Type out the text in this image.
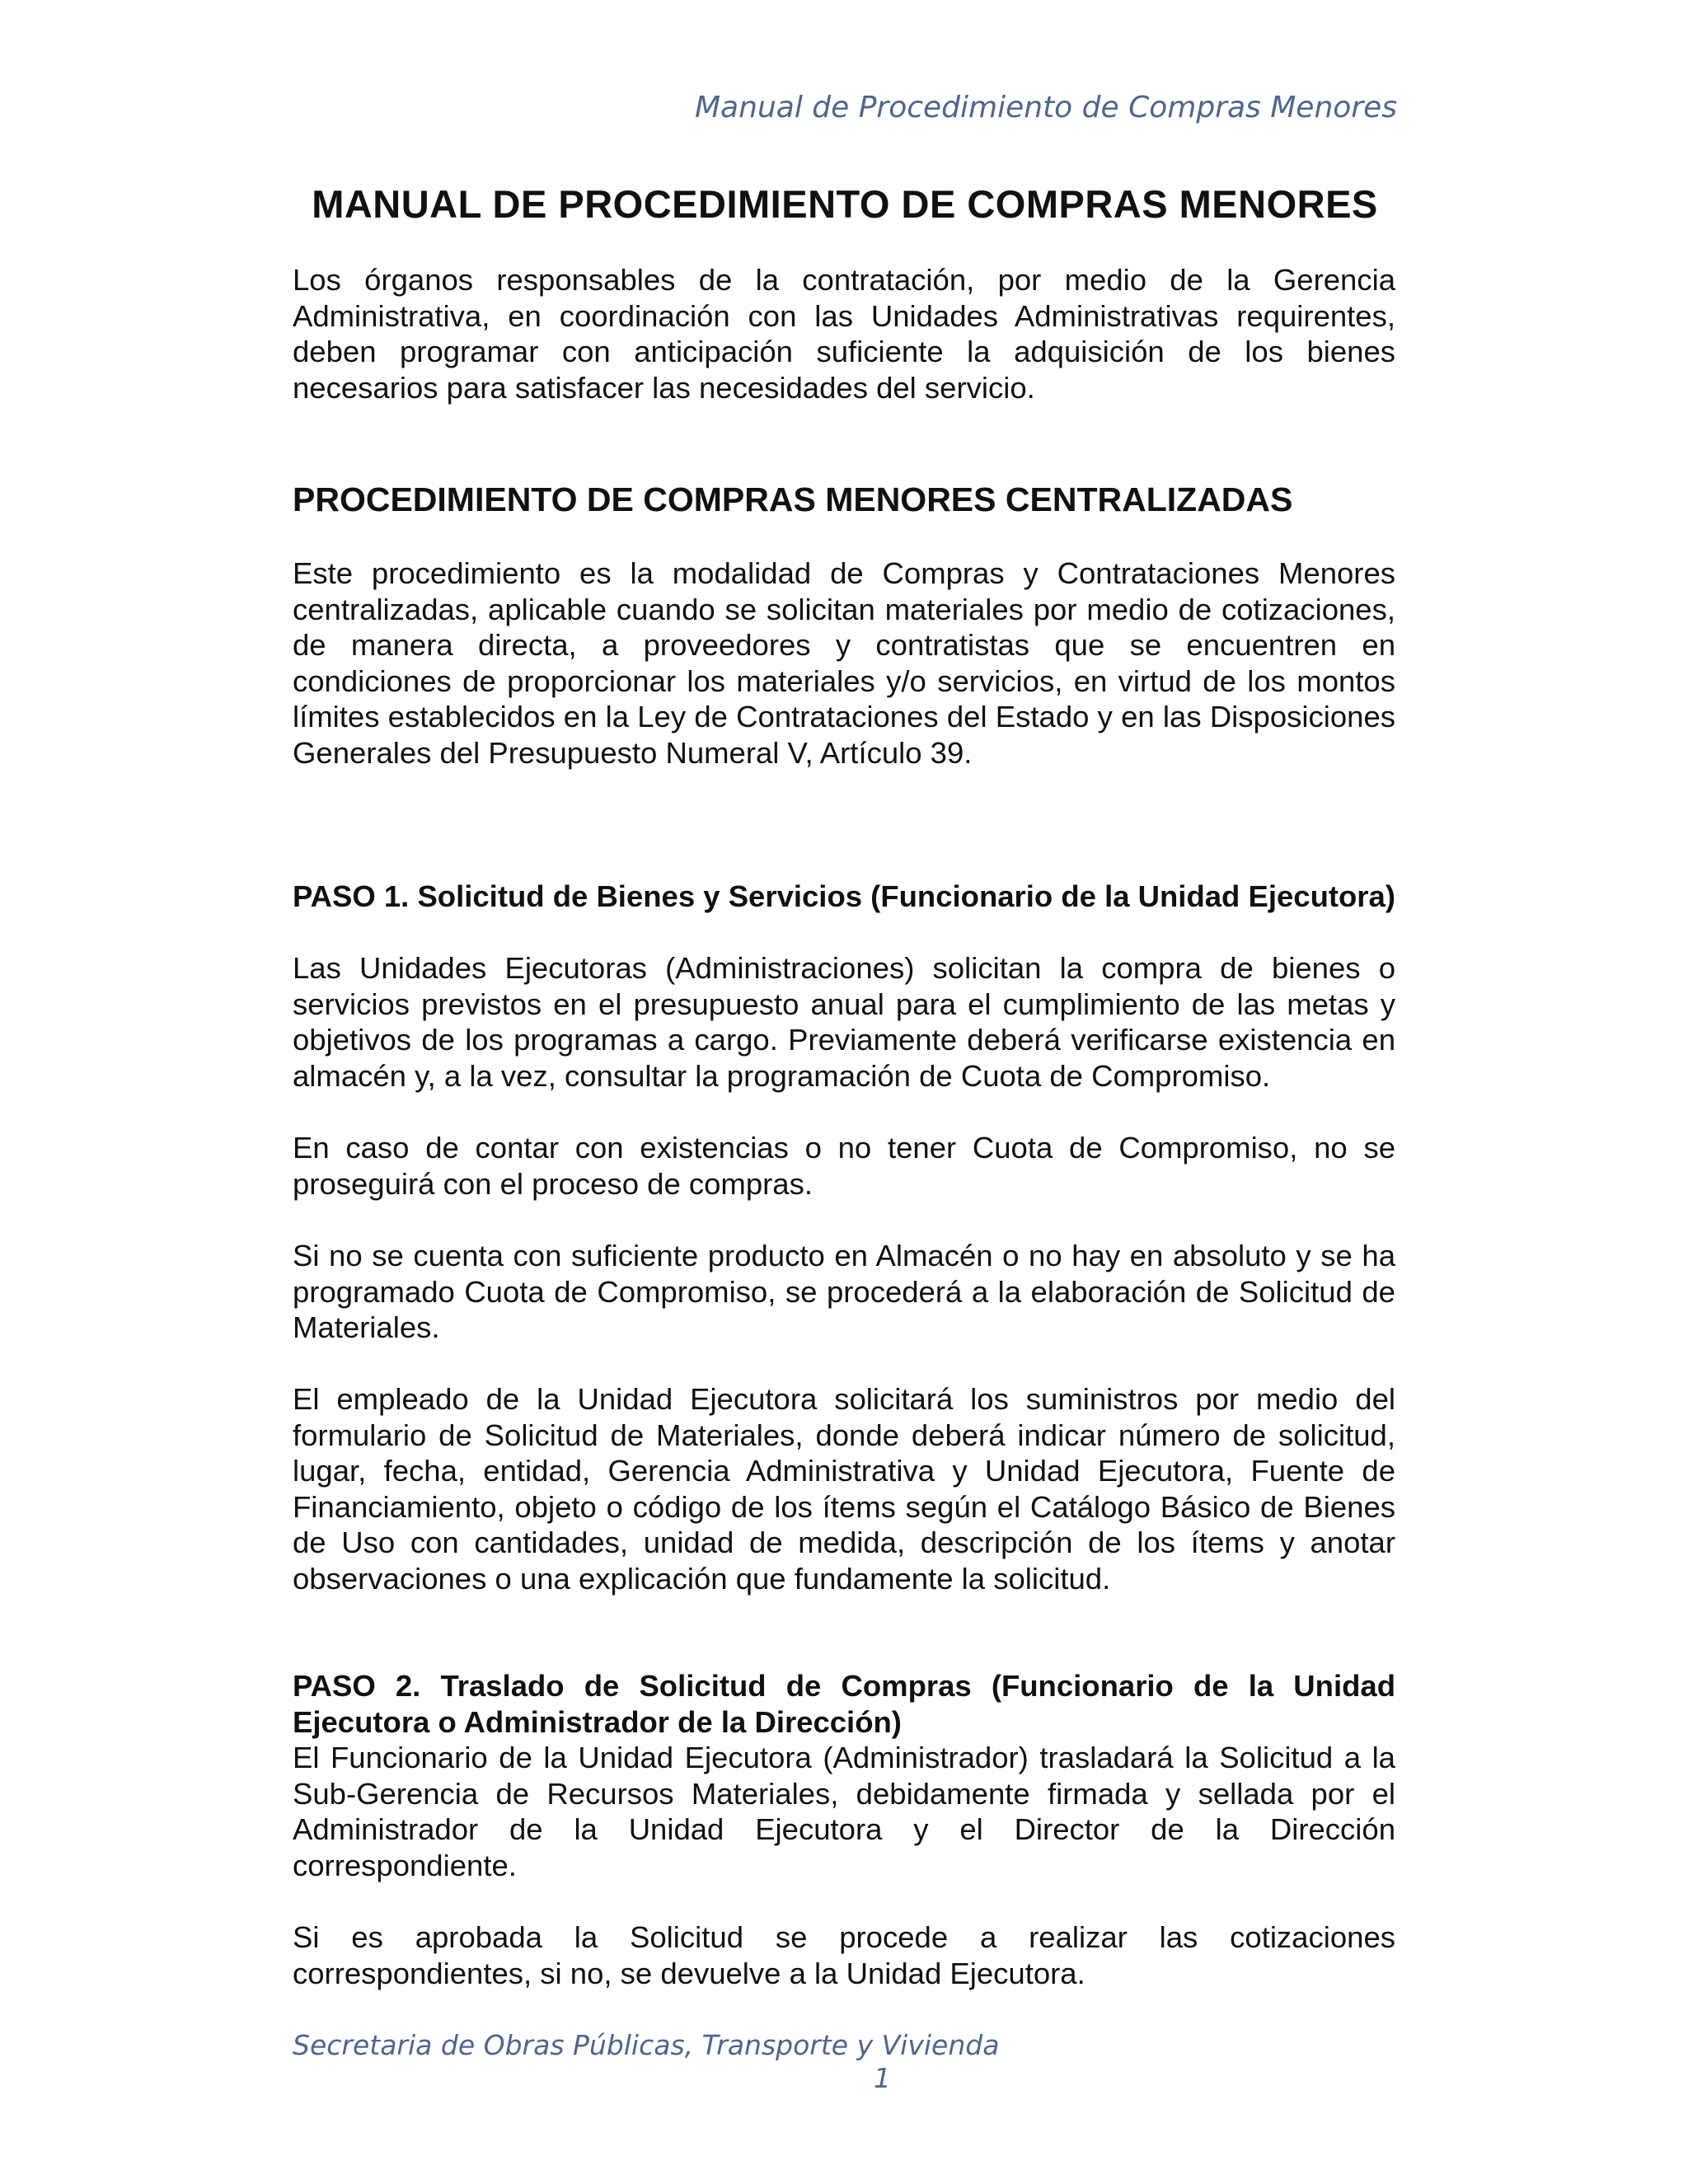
Manual de Procedimiento de Compras Menores
MANUAL DE PROCEDIMIENTO DE COMPRAS MENORES

Los órganos responsables de la contratación, por medio de la Gerencia Administrativa, en coordinación con las Unidades Administrativas requirentes, deben programar con anticipación suficiente la adquisición de los bienes necesarios para satisfacer las necesidades del servicio.

PROCEDIMIENTO DE COMPRAS MENORES CENTRALIZADAS

Este procedimiento es la modalidad de Compras y Contrataciones Menores centralizadas, aplicable cuando se solicitan materiales por medio de cotizaciones, de manera directa, a proveedores y contratistas que se encuentren en condiciones de proporcionar los materiales y/o servicios, en virtud de los montos límites establecidos en la Ley de Contrataciones del Estado y en las Disposiciones Generales del Presupuesto Numeral V, Artículo 39.

PASO 1. Solicitud de Bienes y Servicios (Funcionario de la Unidad Ejecutora)

Las Unidades Ejecutoras (Administraciones) solicitan la compra de bienes o servicios previstos en el presupuesto anual para el cumplimiento de las metas y objetivos de los programas a cargo. Previamente deberá verificarse existencia en almacén y, a la vez, consultar la programación de Cuota de Compromiso.

En caso de contar con existencias o no tener Cuota de Compromiso, no se proseguirá con el proceso de compras.

Si no se cuenta con suficiente producto en Almacén o no hay en absoluto y se ha programado Cuota de Compromiso, se procederá a la elaboración de Solicitud de Materiales.

El empleado de la Unidad Ejecutora solicitará los suministros por medio del formulario de Solicitud de Materiales, donde deberá indicar número de solicitud, lugar, fecha, entidad, Gerencia Administrativa y Unidad Ejecutora, Fuente de Financiamiento, objeto o código de los ítems según el Catálogo Básico de Bienes de Uso con cantidades, unidad de medida, descripción de los ítems y anotar observaciones o una explicación que fundamente la solicitud.

PASO 2. Traslado de Solicitud de Compras (Funcionario de la Unidad Ejecutora o Administrador de la Dirección)

El Funcionario de la Unidad Ejecutora (Administrador) trasladará la Solicitud a la Sub-Gerencia de Recursos Materiales, debidamente firmada y sellada por el Administrador de la Unidad Ejecutora y el Director de la Dirección correspondiente.

Si es aprobada la Solicitud se procede a realizar las cotizaciones correspondientes, si no, se devuelve a la Unidad Ejecutora.

Secretaria de Obras Públicas, Transporte y Vivienda
1
